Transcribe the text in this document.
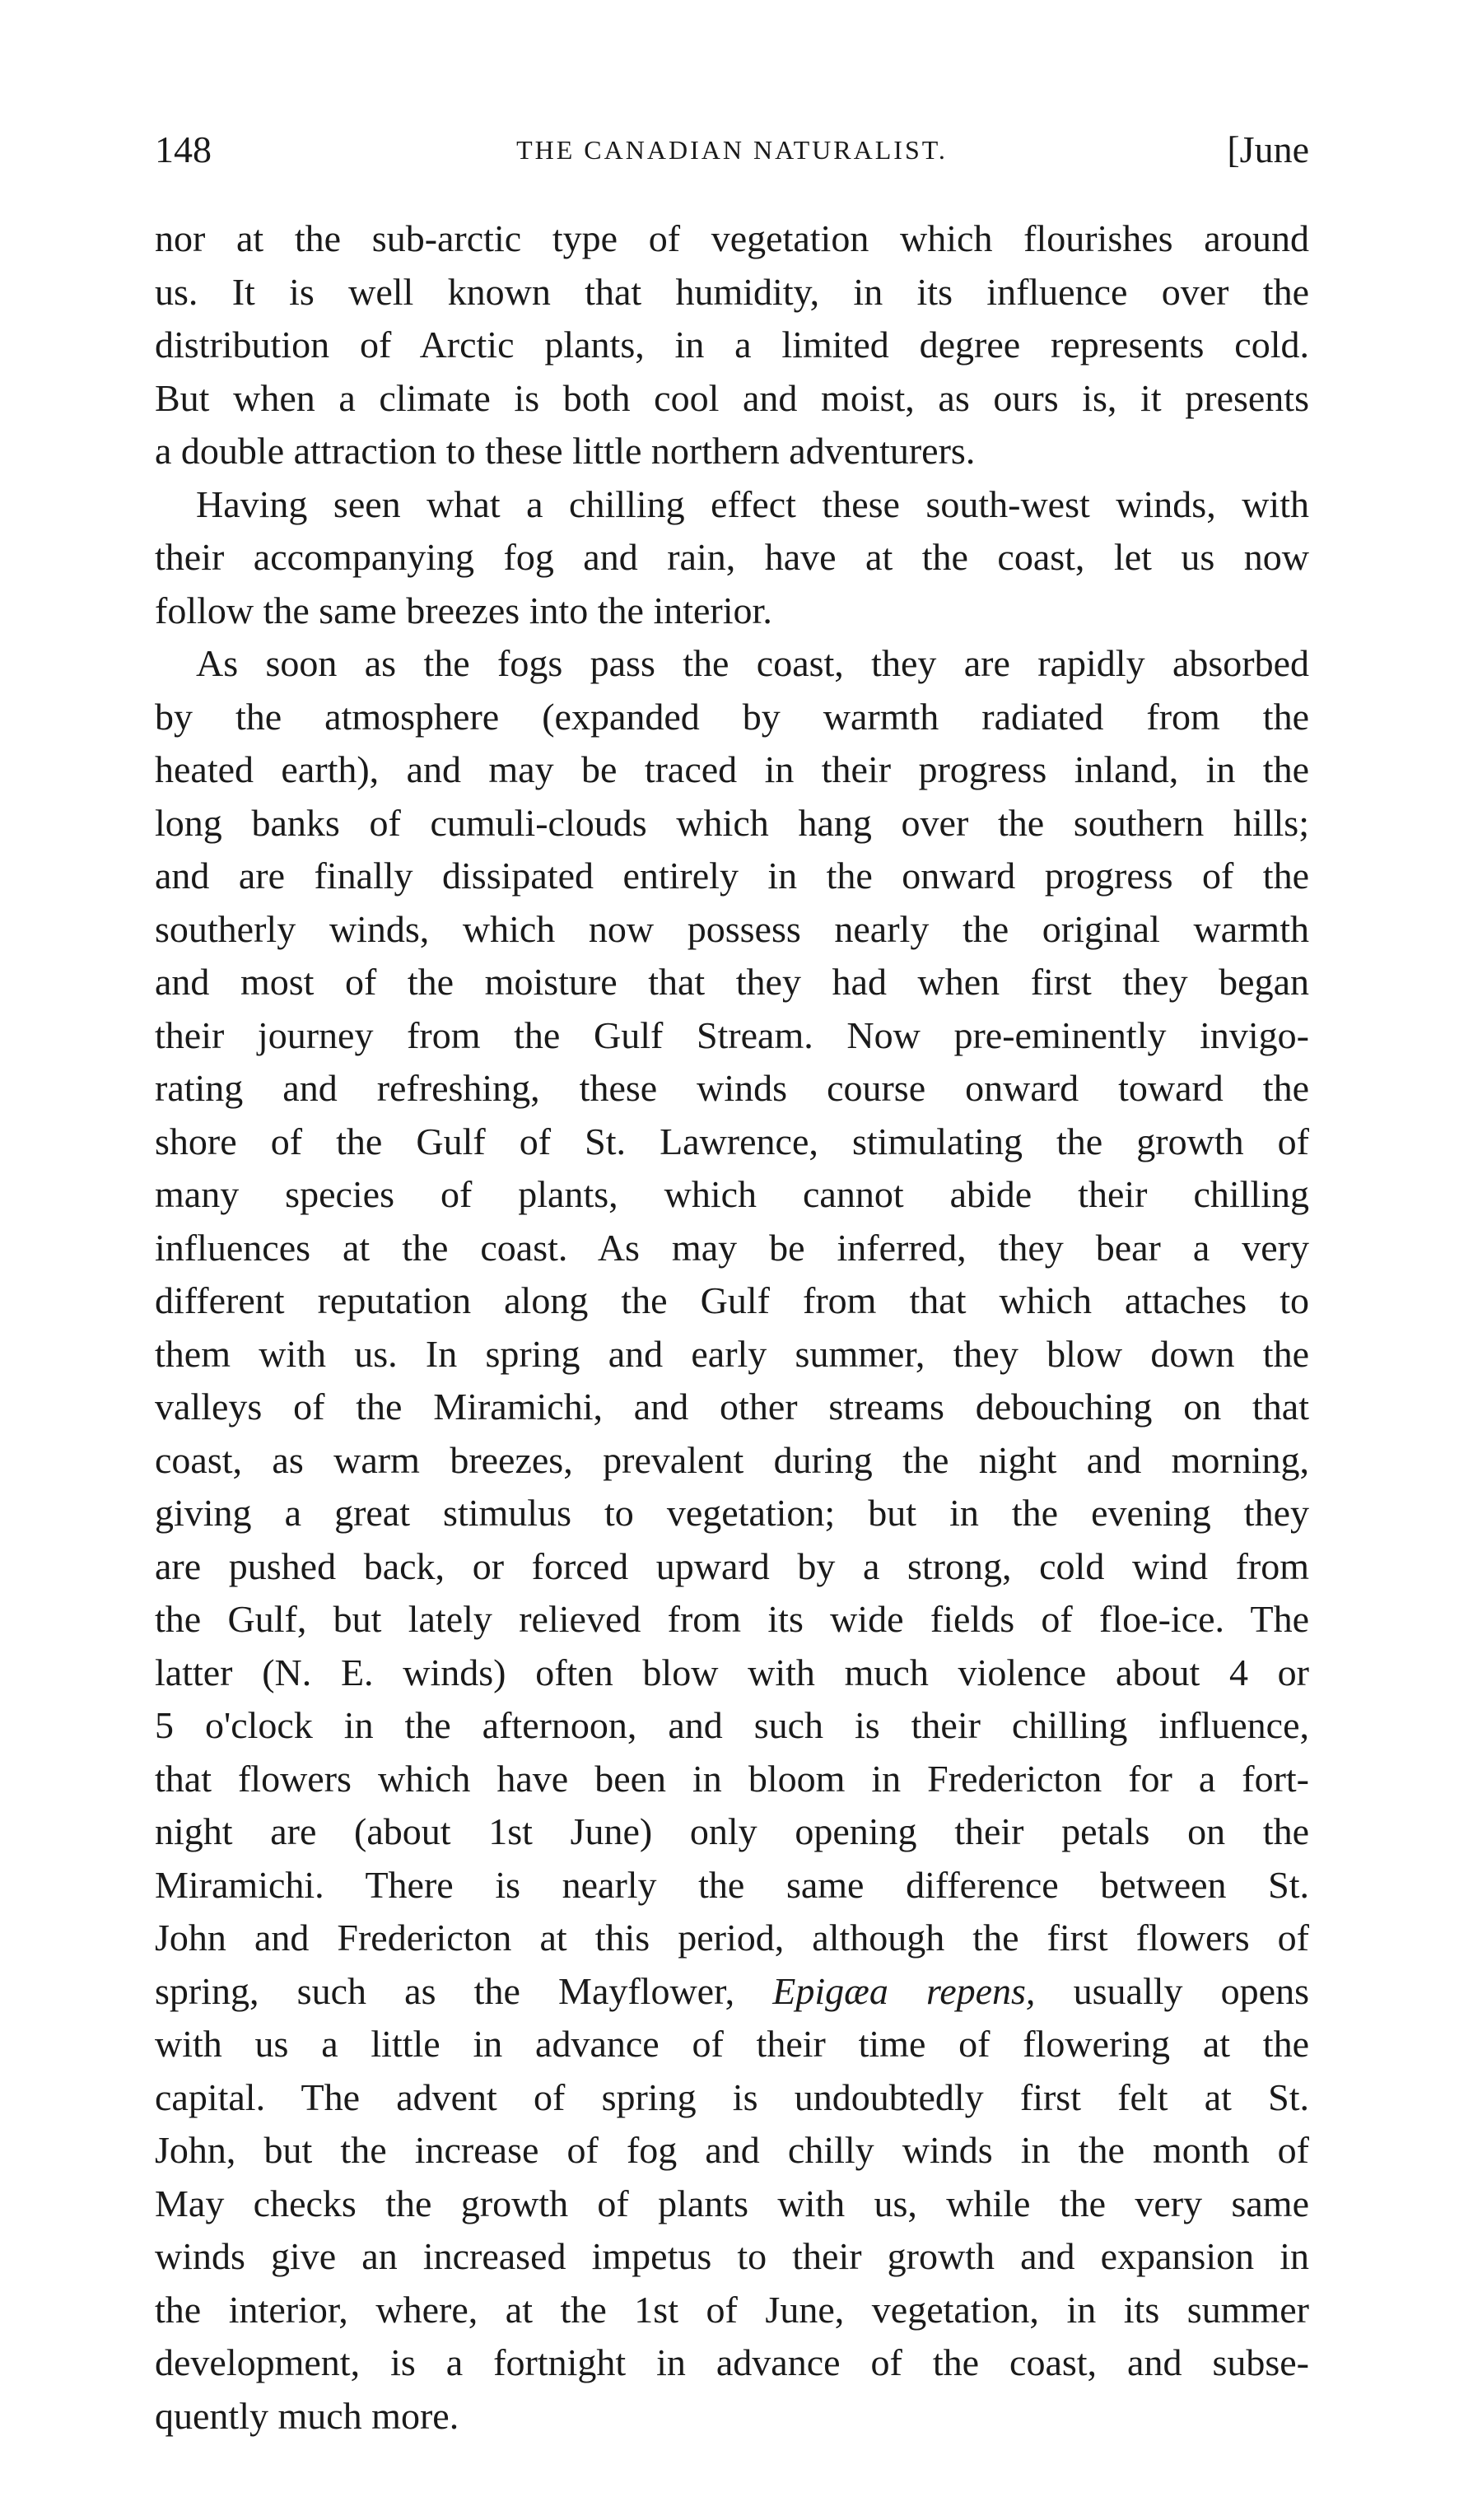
148	THE CANADIAN NATURALIST.	[June
nor at the sub-arctic type of vegetation which flourishes around
us. It is well known that humidity, in its influence over the
distribution of Arctic plants, in a limited degree represents cold.
But when a climate is both cool and moist, as ours is, it presents
a double attraction to these little northern adventurers.
Having seen what a chilling effect these south-west winds, with
their accompanying fog and rain, have at the coast, let us now
follow the same breezes into the interior.
As soon as the fogs pass the coast, they are rapidly absorbed
by the atmosphere (expanded by warmth radiated from the
heated earth), and may be traced in their progress inland, in the
long banks of cumuli-clouds which hang over the southern hills;
and are finally dissipated entirely in the onward progress of the
southerly winds, which now possess nearly the original warmth
and most of the moisture that they had when first they began
their journey from the Gulf Stream. Now pre-eminently invigo-
rating and refreshing, these winds course onward toward the
shore of the Gulf of St. Lawrence, stimulating the growth of
many species of plants, which cannot abide their chilling
influences at the coast. As may be inferred, they bear a very
different reputation along the Gulf from that which attaches to
them with us. In spring and early summer, they blow down the
valleys of the Miramichi, and other streams debouching on that
coast, as warm breezes, prevalent during the night and morning,
giving a great stimulus to vegetation; but in the evening they
are pushed back, or forced upward by a strong, cold wind from
the Gulf, but lately relieved from its wide fields of floe-ice. The
latter (N. E. winds) often blow with much violence about 4 or
5 o'clock in the afternoon, and such is their chilling influence,
that flowers which have been in bloom in Fredericton for a fort-
night are (about 1st June) only opening their petals on the
Miramichi. There is nearly the same difference between St.
John and Fredericton at this period, although the first flowers of
spring, such as the Mayflower, Epigæa repens, usually opens
with us a little in advance of their time of flowering at the
capital. The advent of spring is undoubtedly first felt at St.
John, but the increase of fog and chilly winds in the month of
May checks the growth of plants with us, while the very same
winds give an increased impetus to their growth and expansion in
the interior, where, at the 1st of June, vegetation, in its summer
development, is a fortnight in advance of the coast, and subse-
quently much more.
